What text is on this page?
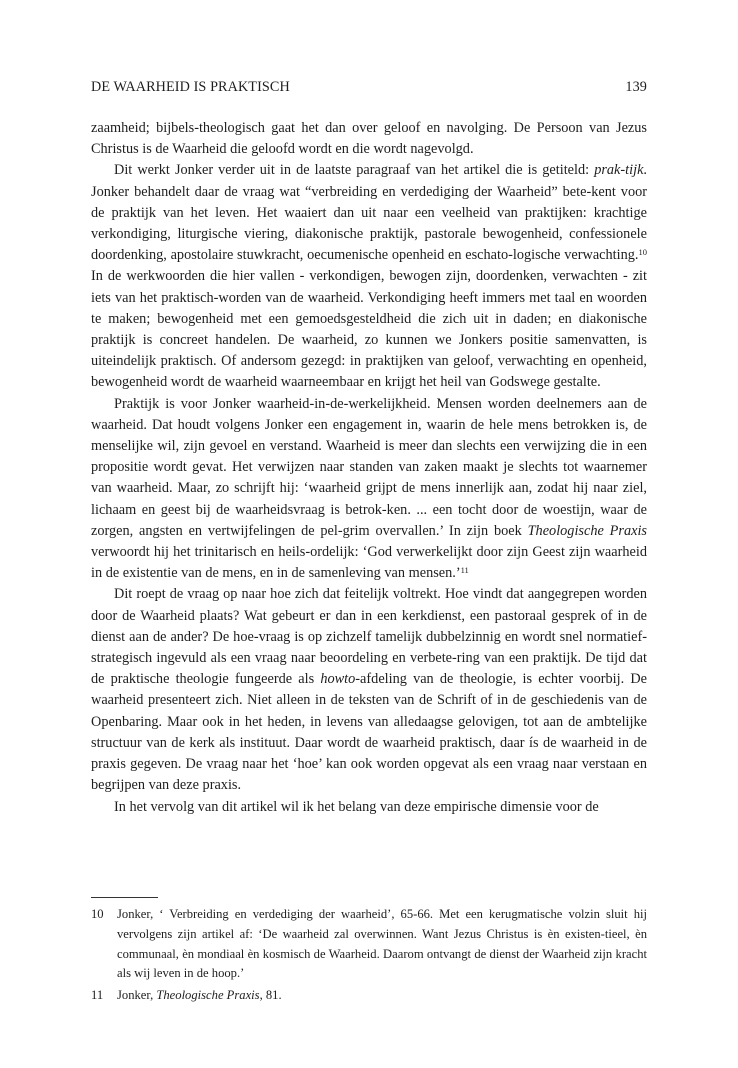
DE WAARHEID IS PRAKTISCH	139

zaamheid; bijbels-theologisch gaat het dan over geloof en navolging. De Persoon van Jezus Christus is de Waarheid die geloofd wordt en die wordt nagevolgd.

Dit werkt Jonker verder uit in de laatste paragraaf van het artikel die is getiteld: prak-tijk. Jonker behandelt daar de vraag wat “verbreiding en verdediging der Waarheid” bete-kent voor de praktijk van het leven. Het waaiert dan uit naar een veelheid van praktijken: krachtige verkondiging, liturgische viering, diakonische praktijk, pastorale bewogenheid, confessionele doordenking, apostolaire stuwkracht, oecumenische openheid en eschato-logische verwachting.$^{10}$ In de werkwoorden die hier vallen - verkondigen, bewogen zijn, doordenken, verwachten - zit iets van het praktisch-worden van de waarheid. Verkondiging heeft immers met taal en woorden te maken; bewogenheid met een gemoedsgesteldheid die zich uit in daden; en diakonische praktijk is concreet handelen. De waarheid, zo kunnen we Jonkers positie samenvatten, is uiteindelijk praktisch. Of andersom gezegd: in praktijken van geloof, verwachting en openheid, bewogenheid wordt de waarheid waarneembaar en krijgt het heil van Godswege gestalte.

Praktijk is voor Jonker waarheid-in-de-werkelijkheid. Mensen worden deelnemers aan de waarheid. Dat houdt volgens Jonker een engagement in, waarin de hele mens betrokken is, de menselijke wil, zijn gevoel en verstand. Waarheid is meer dan slechts een verwijzing die in een propositie wordt gevat. Het verwijzen naar standen van zaken maakt je slechts tot waarnemer van waarheid. Maar, zo schrijft hij: ‘waarheid grijpt de mens innerlijk aan, zodat hij naar ziel, lichaam en geest bij de waarheidsvraag is betrok-ken. ... een tocht door de woestijn, waar de zorgen, angsten en vertwijfelingen de pel-grim overvallen.’ In zijn boek Theologische Praxis verwoordt hij het trinitarisch en heils-ordelijk: ‘God verwerkelijkt door zijn Geest zijn waarheid in de existentie van de mens, en in de samenleving van mensen.’$^{11}$

Dit roept de vraag op naar hoe zich dat feitelijk voltrekt. Hoe vindt dat aangegrepen worden door de Waarheid plaats? Wat gebeurt er dan in een kerkdienst, een pastoraal gesprek of in de dienst aan de ander? De hoe-vraag is op zichzelf tamelijk dubbelzinnig en wordt snel normatief-strategisch ingevuld als een vraag naar beoordeling en verbete-ring van een praktijk. De tijd dat de praktische theologie fungeerde als howto-afdeling van de theologie, is echter voorbij. De waarheid presenteert zich. Niet alleen in de teksten van de Schrift of in de geschiedenis van de Openbaring. Maar ook in het heden, in levens van alledaagse gelovigen, tot aan de ambtelijke structuur van de kerk als instituut. Daar wordt de waarheid praktisch, daar ís de waarheid in de praxis gegeven. De vraag naar het ‘hoe’ kan ook worden opgevat als een vraag naar verstaan en begrijpen van deze praxis.

In het vervolg van dit artikel wil ik het belang van deze empirische dimensie voor de

10	Jonker, ‘ Verbreiding en verdediging der waarheid’, 65-66. Met een kerugmatische volzin sluit hij vervolgens zijn artikel af: ‘De waarheid zal overwinnen. Want Jezus Christus is èn existen-tieel, èn communaal, èn mondiaal èn kosmisch de Waarheid. Daarom ontvangt de dienst der Waarheid zijn kracht als wij leven in de hoop.’
11	Jonker, Theologische Praxis, 81.
